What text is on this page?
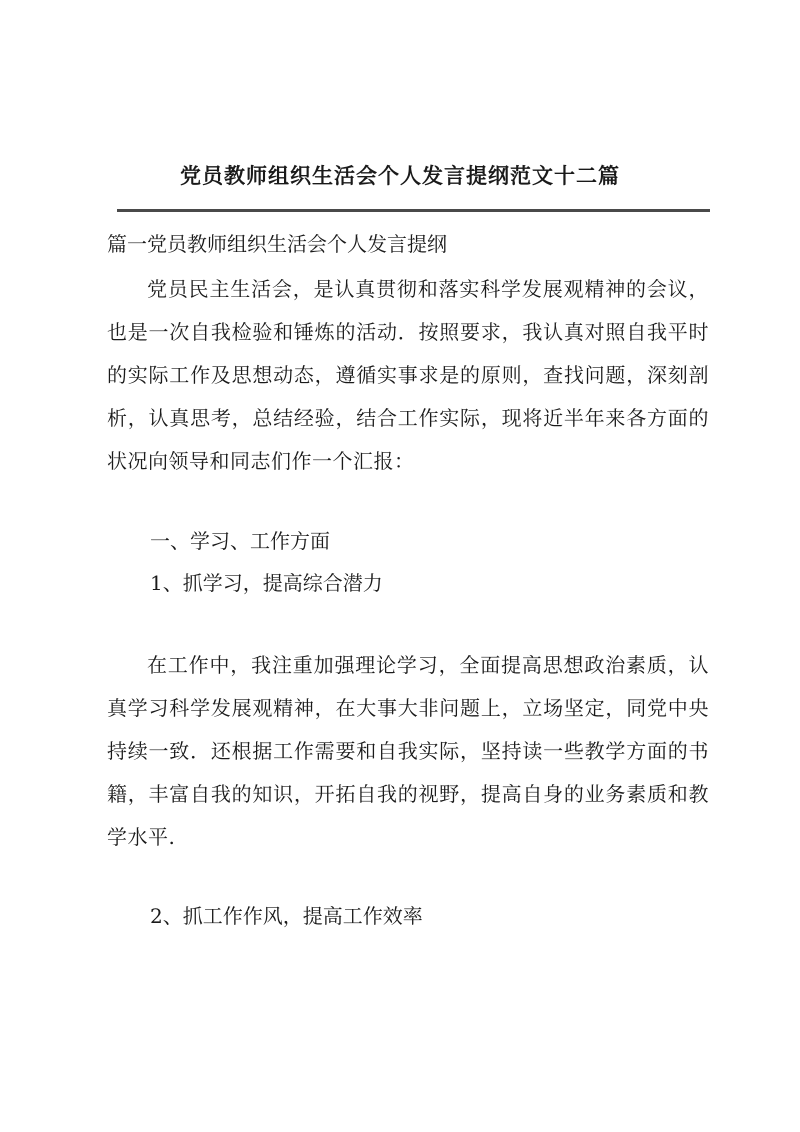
党员教师组织生活会个人发言提纲范文十二篇

篇一党员教师组织生活会个人发言提纲

党员民主生活会，是认真贯彻和落实科学发展观精神的会议，也是一次自我检验和锤炼的活动．按照要求，我认真对照自我平时的实际工作及思想动态，遵循实事求是的原则，查找问题，深刻剖析，认真思考，总结经验，结合工作实际，现将近半年来各方面的状况向领导和同志们作一个汇报：

一、学习、工作方面

1、抓学习，提高综合潜力

在工作中，我注重加强理论学习，全面提高思想政治素质，认真学习科学发展观精神，在大事大非问题上，立场坚定，同党中央持续一致．还根据工作需要和自我实际，坚持读一些教学方面的书籍，丰富自我的知识，开拓自我的视野，提高自身的业务素质和教学水平.

2、抓工作作风，提高工作效率
